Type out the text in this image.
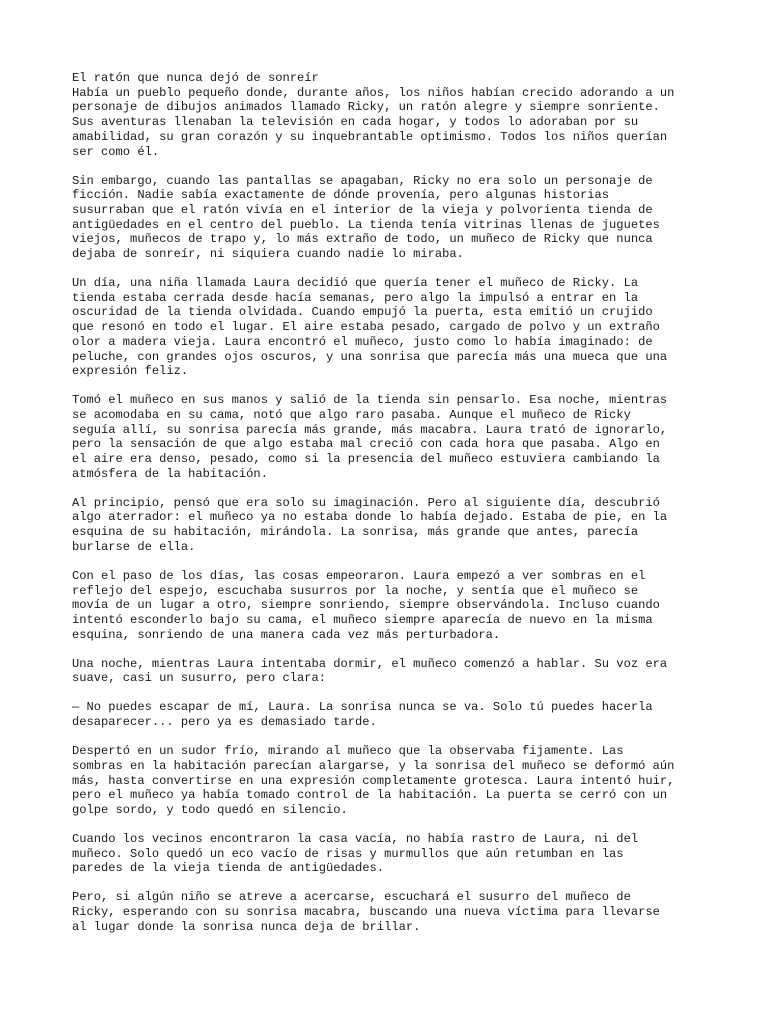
El ratón que nunca dejó de sonreír
Había un pueblo pequeño donde, durante años, los niños habían crecido adorando a un
personaje de dibujos animados llamado Ricky, un ratón alegre y siempre sonriente.
Sus aventuras llenaban la televisión en cada hogar, y todos lo adoraban por su
amabilidad, su gran corazón y su inquebrantable optimismo. Todos los niños querían
ser como él.
Sin embargo, cuando las pantallas se apagaban, Ricky no era solo un personaje de
ficción. Nadie sabía exactamente de dónde provenía, pero algunas historias
susurraban que el ratón vivía en el interior de la vieja y polvorienta tienda de
antigüedades en el centro del pueblo. La tienda tenía vitrinas llenas de juguetes
viejos, muñecos de trapo y, lo más extraño de todo, un muñeco de Ricky que nunca
dejaba de sonreír, ni siquiera cuando nadie lo miraba.
Un día, una niña llamada Laura decidió que quería tener el muñeco de Ricky. La
tienda estaba cerrada desde hacía semanas, pero algo la impulsó a entrar en la
oscuridad de la tienda olvidada. Cuando empujó la puerta, esta emitió un crujido
que resonó en todo el lugar. El aire estaba pesado, cargado de polvo y un extraño
olor a madera vieja. Laura encontró el muñeco, justo como lo había imaginado: de
peluche, con grandes ojos oscuros, y una sonrisa que parecía más una mueca que una
expresión feliz.
Tomó el muñeco en sus manos y salió de la tienda sin pensarlo. Esa noche, mientras
se acomodaba en su cama, notó que algo raro pasaba. Aunque el muñeco de Ricky
seguía allí, su sonrisa parecía más grande, más macabra. Laura trató de ignorarlo,
pero la sensación de que algo estaba mal creció con cada hora que pasaba. Algo en
el aire era denso, pesado, como si la presencia del muñeco estuviera cambiando la
atmósfera de la habitación.
Al principio, pensó que era solo su imaginación. Pero al siguiente día, descubrió
algo aterrador: el muñeco ya no estaba donde lo había dejado. Estaba de pie, en la
esquina de su habitación, mirándola. La sonrisa, más grande que antes, parecía
burlarse de ella.
Con el paso de los días, las cosas empeoraron. Laura empezó a ver sombras en el
reflejo del espejo, escuchaba susurros por la noche, y sentía que el muñeco se
movía de un lugar a otro, siempre sonriendo, siempre observándola. Incluso cuando
intentó esconderlo bajo su cama, el muñeco siempre aparecía de nuevo en la misma
esquina, sonriendo de una manera cada vez más perturbadora.
Una noche, mientras Laura intentaba dormir, el muñeco comenzó a hablar. Su voz era
suave, casi un susurro, pero clara:
— No puedes escapar de mí, Laura. La sonrisa nunca se va. Solo tú puedes hacerla
desaparecer... pero ya es demasiado tarde.
Despertó en un sudor frío, mirando al muñeco que la observaba fijamente. Las
sombras en la habitación parecían alargarse, y la sonrisa del muñeco se deformó aún
más, hasta convertirse en una expresión completamente grotesca. Laura intentó huir,
pero el muñeco ya había tomado control de la habitación. La puerta se cerró con un
golpe sordo, y todo quedó en silencio.
Cuando los vecinos encontraron la casa vacía, no había rastro de Laura, ni del
muñeco. Solo quedó un eco vacío de risas y murmullos que aún retumban en las
paredes de la vieja tienda de antigüedades.
Pero, si algún niño se atreve a acercarse, escuchará el susurro del muñeco de
Ricky, esperando con su sonrisa macabra, buscando una nueva víctima para llevarse
al lugar donde la sonrisa nunca deja de brillar.
